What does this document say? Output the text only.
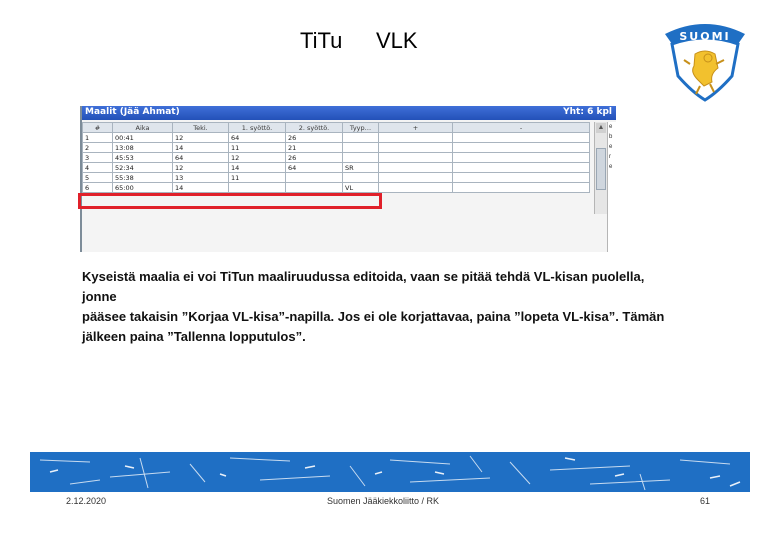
TiTu VLK	SUOMI
Maalit (Jää Ahmat)	Yht: 6 kpl
#	Aika	Teki.	1. syöttö.	2. syöttö.	Tyyp…	+	-
1	00:41	12	64	26			
2	13:08	14	11	21			
3	45:53	64	12	26			
4	52:34	12	14	64	SR		
5	55:38	13	11				
6	65:00	14			VL		
▲ e
b
e
r
e

Kyseistä maalia ei voi TiTun maaliruudussa editoida, vaan se pitää tehdä VL-kisan puolella, jonne

pääsee takaisin ”Korjaa VL-kisa”-napilla. Jos ei ole korjattavaa, paina ”lopeta VL-kisa”. Tämän

jälkeen paina ”Tallenna lopputulos”.

2.12.2020	Suomen Jääkiekkoliitto / RK	61
